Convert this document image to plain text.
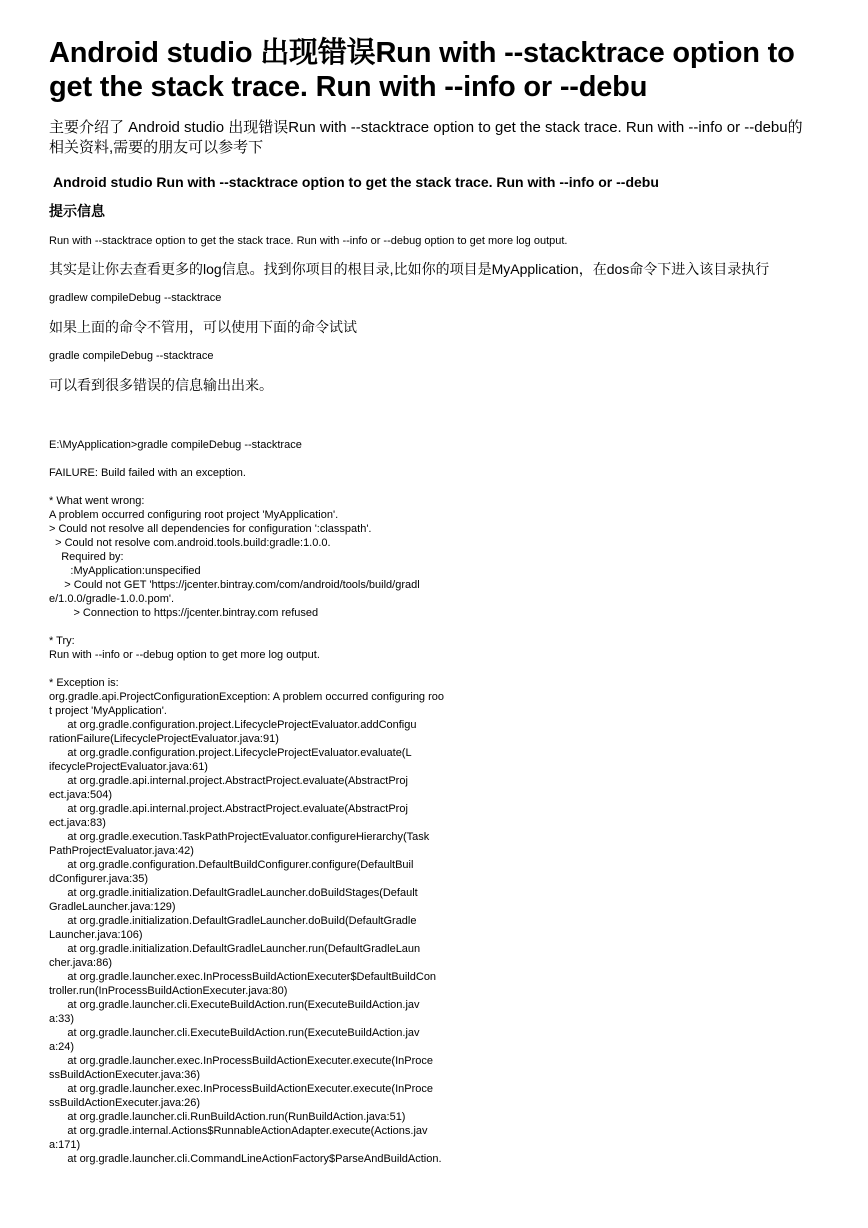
Android studio 出现错误Run with --stacktrace option to get the stack trace. Run with --info or --debu

主要介绍了 Android studio 出现错误Run with --stacktrace option to get the stack trace. Run with --info or --debu的相关资料,需要的朋友可以参考下

Android studio Run with --stacktrace option to get the stack trace. Run with --info or --debu
提示信息

Run with --stacktrace option to get the stack trace. Run with --info or --debug option to get more log output.

其实是让你去查看更多的log信息。找到你项目的根目录,比如你的项目是MyApplication，在dos命令下进入该目录执行

gradlew compileDebug --stacktrace

如果上面的命令不管用，可以使用下面的命令试试

gradle compileDebug --stacktrace

可以看到很多错误的信息输出出来。

E:\MyApplication>gradle compileDebug --stacktrace
FAILURE: Build failed with an exception.
* What went wrong:
A problem occurred configuring root project 'MyApplication'.
> Could not resolve all dependencies for configuration ':classpath'.
> Could not resolve com.android.tools.build:gradle:1.0.0.
Required by:
:MyApplication:unspecified
> Could not GET 'https://jcenter.bintray.com/com/android/tools/build/gradl
e/1.0.0/gradle-1.0.0.pom'.
> Connection to https://jcenter.bintray.com refused
* Try:
Run with --info or --debug option to get more log output.
* Exception is:
org.gradle.api.ProjectConfigurationException: A problem occurred configuring roo
t project 'MyApplication'.
at org.gradle.configuration.project.LifecycleProjectEvaluator.addConfigu
rationFailure(LifecycleProjectEvaluator.java:91)
at org.gradle.configuration.project.LifecycleProjectEvaluator.evaluate(L
ifecycleProjectEvaluator.java:61)
at org.gradle.api.internal.project.AbstractProject.evaluate(AbstractProj
ect.java:504)
at org.gradle.api.internal.project.AbstractProject.evaluate(AbstractProj
ect.java:83)
at org.gradle.execution.TaskPathProjectEvaluator.configureHierarchy(Task
PathProjectEvaluator.java:42)
at org.gradle.configuration.DefaultBuildConfigurer.configure(DefaultBuil
dConfigurer.java:35)
at org.gradle.initialization.DefaultGradleLauncher.doBuildStages(Default
GradleLauncher.java:129)
at org.gradle.initialization.DefaultGradleLauncher.doBuild(DefaultGradle
Launcher.java:106)
at org.gradle.initialization.DefaultGradleLauncher.run(DefaultGradleLaun
cher.java:86)
at org.gradle.launcher.exec.InProcessBuildActionExecuter$DefaultBuildCon
troller.run(InProcessBuildActionExecuter.java:80)
at org.gradle.launcher.cli.ExecuteBuildAction.run(ExecuteBuildAction.jav
a:33)
at org.gradle.launcher.cli.ExecuteBuildAction.run(ExecuteBuildAction.jav
a:24)
at org.gradle.launcher.exec.InProcessBuildActionExecuter.execute(InProce
ssBuildActionExecuter.java:36)
at org.gradle.launcher.exec.InProcessBuildActionExecuter.execute(InProce
ssBuildActionExecuter.java:26)
at org.gradle.launcher.cli.RunBuildAction.run(RunBuildAction.java:51)
at org.gradle.internal.Actions$RunnableActionAdapter.execute(Actions.jav
a:171)
at org.gradle.launcher.cli.CommandLineActionFactory$ParseAndBuildAction.
